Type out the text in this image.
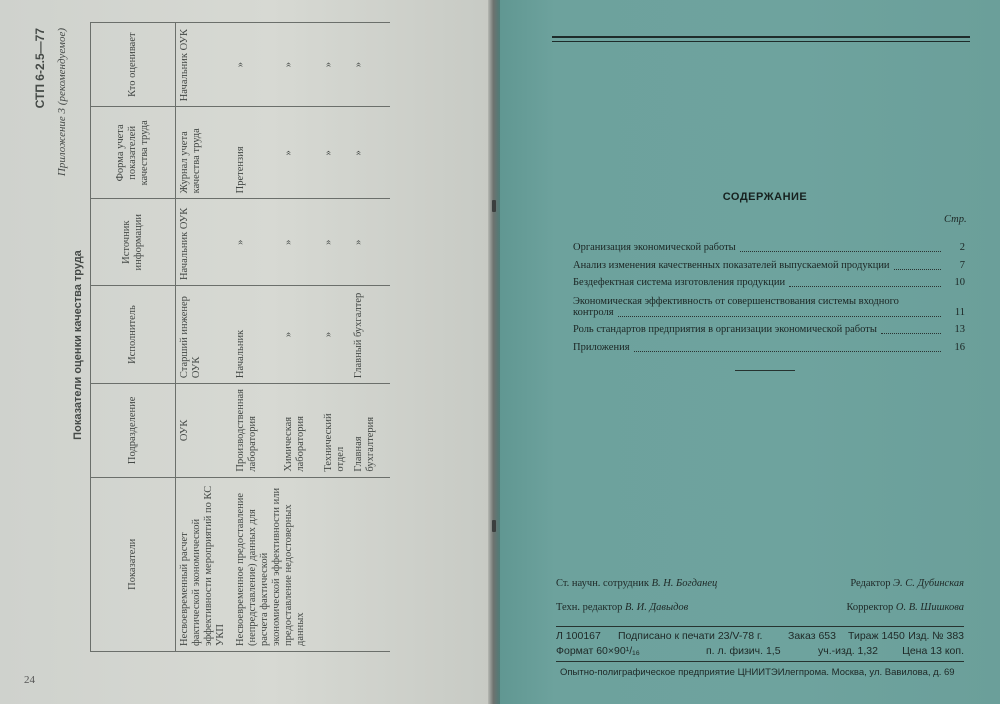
СТП 6-2.5—77 Приложение 3 (рекомендуемое)
Показатели оценки качества труда
Показатели	Подразделение	Исполнитель	Источник информации	Форма учета показателей качества труда	Кто оценивает
Несвоевременный расчет фактической экономической эффективности мероприятий по КС УКП	ОУК	Старший инженер ОУК	Начальник ОУК	Журнал учета качества труда	Начальник ОУК
Несвоевременное предоставление (непредставление) данных для расчета фактической экономической эффективности или предоставление недостоверных данных	Производственная лаборатория	Начальник	»	Претензия	»
	Химическая лаборатория	»	»	»	»
	Технический отдел	»	»	»	»
	Главная бухгалтерия	Главный бухгалтер	»	»	»
24
СОДЕРЖАНИЕ
Стр.
Организация экономической работы	2
Анализ изменения качественных показателей выпускаемой продукции	7
Бездефектная система изготовления продукции	10
Экономическая эффективность от совершенствования системы входного контроля	11
Роль стандартов предприятия в организации экономической работы	13
Приложения	16
Ст. научн. сотрудник В. Н. Богданец	Редактор Э. С. Дубинская
Техн. редактор В. И. Давыдов	Корректор О. В. Шишкова
Л 100167 Подписано к печати 23/V-78 г. Заказ 653 Тираж 1450 Изд. № 383
Формат 60×90¹/₁₆	п. л. физич. 1,5	уч.-изд. 1,32 Цена 13 коп.
Опытно-полиграфическое предприятие ЦНИИТЭИлегпрома. Москва, ул. Вавилова, д. 69
